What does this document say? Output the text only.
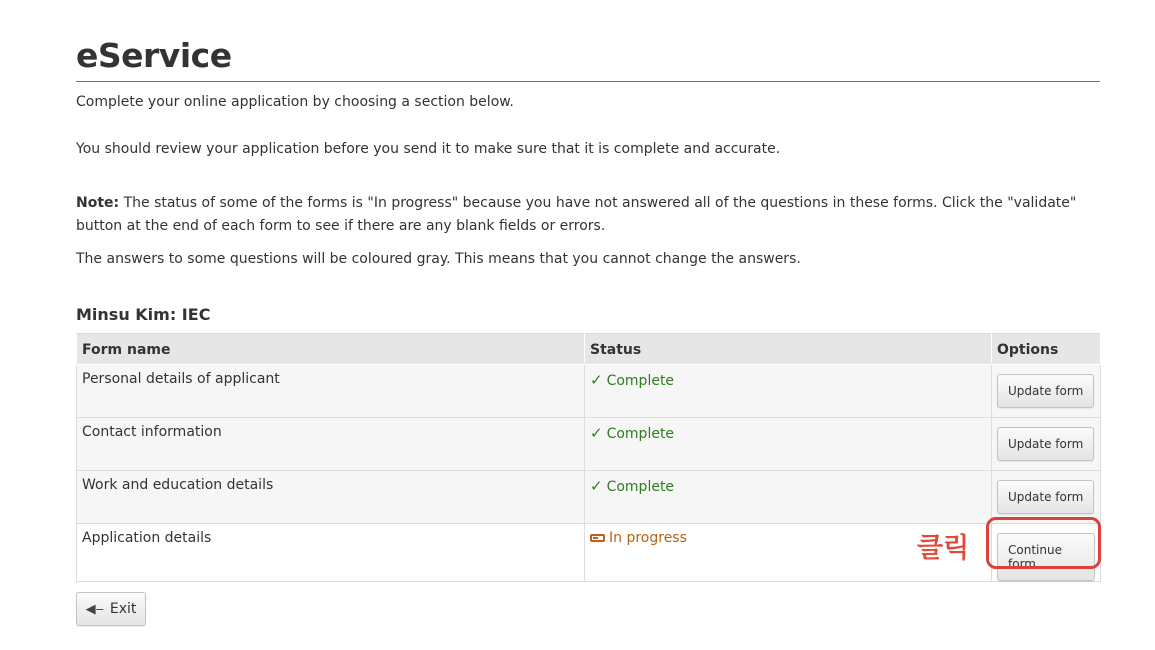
eService

Complete your online application by choosing a section below.

You should review your application before you send it to make sure that it is complete and accurate.

Note: The status of some of the forms is "In progress" because you have not answered all of the questions in these forms. Click the "validate" button at the end of each form to see if there are any blank fields or errors.

The answers to some questions will be coloured gray. This means that you cannot change the answers.

Minsu Kim: IEC
Form name	Status	Options
Personal details of applicant	✓ Complete	Update form
Contact information	✓ Complete	Update form
Work and education details	✓ Complete	Update form
Application details	In progress	Continue form
클릭
◀‒ Exit
